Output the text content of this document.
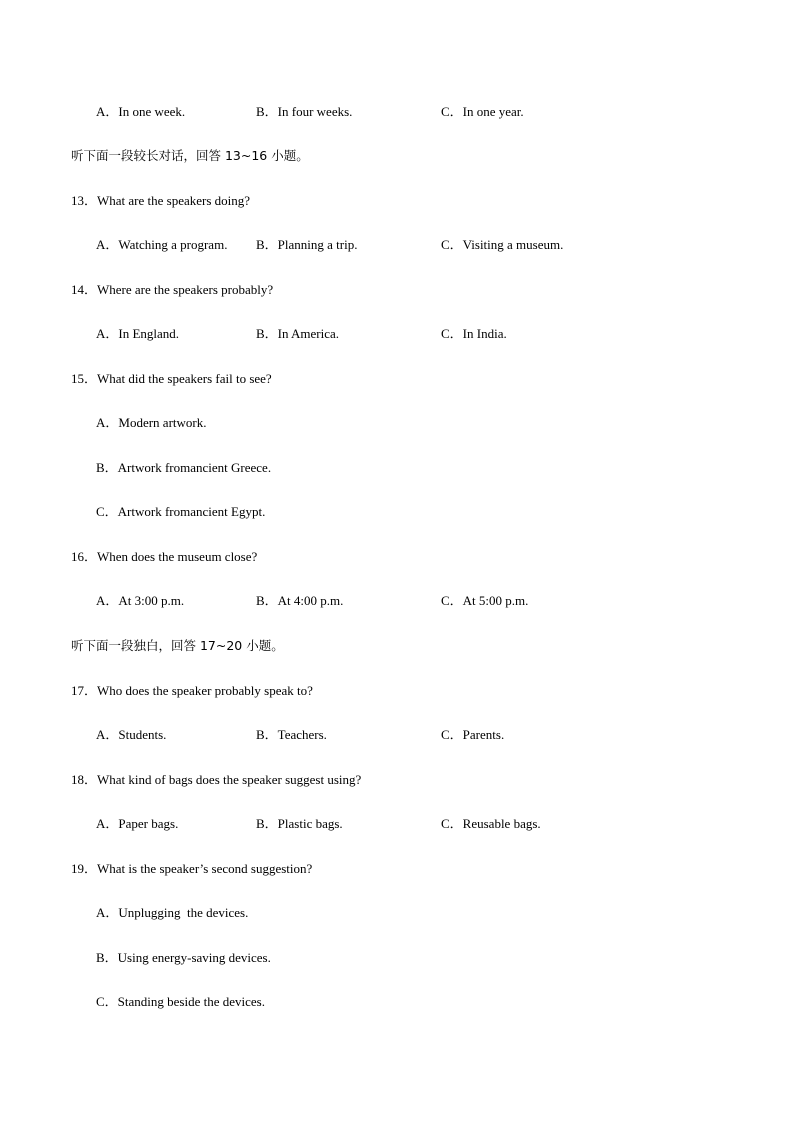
A．In one week.	B．In four weeks.	C．In one year.
听下面一段较长对话，回答 13~16 小题。
13．What are the speakers doing?
A．Watching a program. B．Planning a trip.	C．Visiting a museum.
14．Where are the speakers probably?
A．In England.	B．In America.	C．In India.
15．What did the speakers fail to see?
A．Modern artwork.
B．Artwork fromancient Greece.
C．Artwork fromancient Egypt.
16．When does the museum close?
A．At 3:00 p.m.	B．At 4:00 p.m.	C．At 5:00 p.m.
听下面一段独白，回答 17~20 小题。
17．Who does the speaker probably speak to?
A．Students.	B．Teachers.	C．Parents.
18．What kind of bags does the speaker suggest using?
A．Paper bags.	B．Plastic bags.	C．Reusable bags.
19．What is the speaker’s second suggestion?
A．Unplugging  the devices.
B．Using energy-saving devices.
C．Standing beside the devices.
